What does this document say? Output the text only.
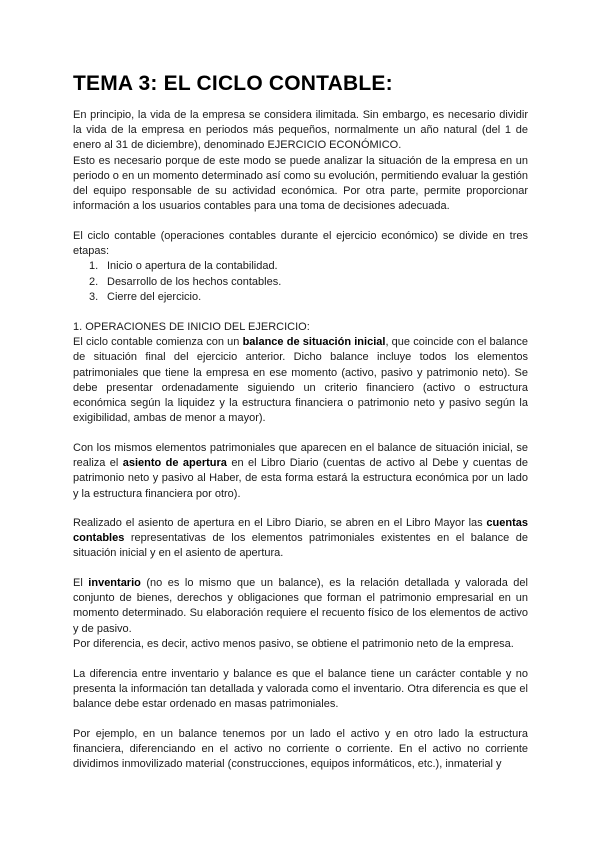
TEMA 3: EL CICLO CONTABLE:

En principio, la vida de la empresa se considera ilimitada. Sin embargo, es necesario dividir la vida de la empresa en periodos más pequeños, normalmente un año natural (del 1 de enero al 31 de diciembre), denominado EJERCICIO ECONÓMICO.

Esto es necesario porque de este modo se puede analizar la situación de la empresa en un periodo o en un momento determinado así como su evolución, permitiendo evaluar la gestión del equipo responsable de su actividad económica. Por otra parte, permite proporcionar información a los usuarios contables para una toma de decisiones adecuada.

El ciclo contable (operaciones contables durante el ejercicio económico) se divide en tres etapas:

1. Inicio o apertura de la contabilidad.
2. Desarrollo de los hechos contables.
3. Cierre del ejercicio.

1. OPERACIONES DE INICIO DEL EJERCICIO:

El ciclo contable comienza con un balance de situación inicial, que coincide con el balance de situación final del ejercicio anterior. Dicho balance incluye todos los elementos patrimoniales que tiene la empresa en ese momento (activo, pasivo y patrimonio neto). Se debe presentar ordenadamente siguiendo un criterio financiero (activo o estructura económica según la liquidez y la estructura financiera o patrimonio neto y pasivo según la exigibilidad, ambas de menor a mayor).

Con los mismos elementos patrimoniales que aparecen en el balance de situación inicial, se realiza el asiento de apertura en el Libro Diario (cuentas de activo al Debe y cuentas de patrimonio neto y pasivo al Haber, de esta forma estará la estructura económica por un lado y la estructura financiera por otro).

Realizado el asiento de apertura en el Libro Diario, se abren en el Libro Mayor las cuentas contables representativas de los elementos patrimoniales existentes en el balance de situación inicial y en el asiento de apertura.

El inventario (no es lo mismo que un balance), es la relación detallada y valorada del conjunto de bienes, derechos y obligaciones que forman el patrimonio empresarial en un momento determinado. Su elaboración requiere el recuento físico de los elementos de activo y de pasivo.

Por diferencia, es decir, activo menos pasivo, se obtiene el patrimonio neto de la empresa.

La diferencia entre inventario y balance es que el balance tiene un carácter contable y no presenta la información tan detallada y valorada como el inventario. Otra diferencia es que el balance debe estar ordenado en masas patrimoniales.

Por ejemplo, en un balance tenemos por un lado el activo y en otro lado la estructura financiera, diferenciando en el activo no corriente o corriente. En el activo no corriente dividimos inmovilizado material (construcciones, equipos informáticos, etc.), inmaterial y
